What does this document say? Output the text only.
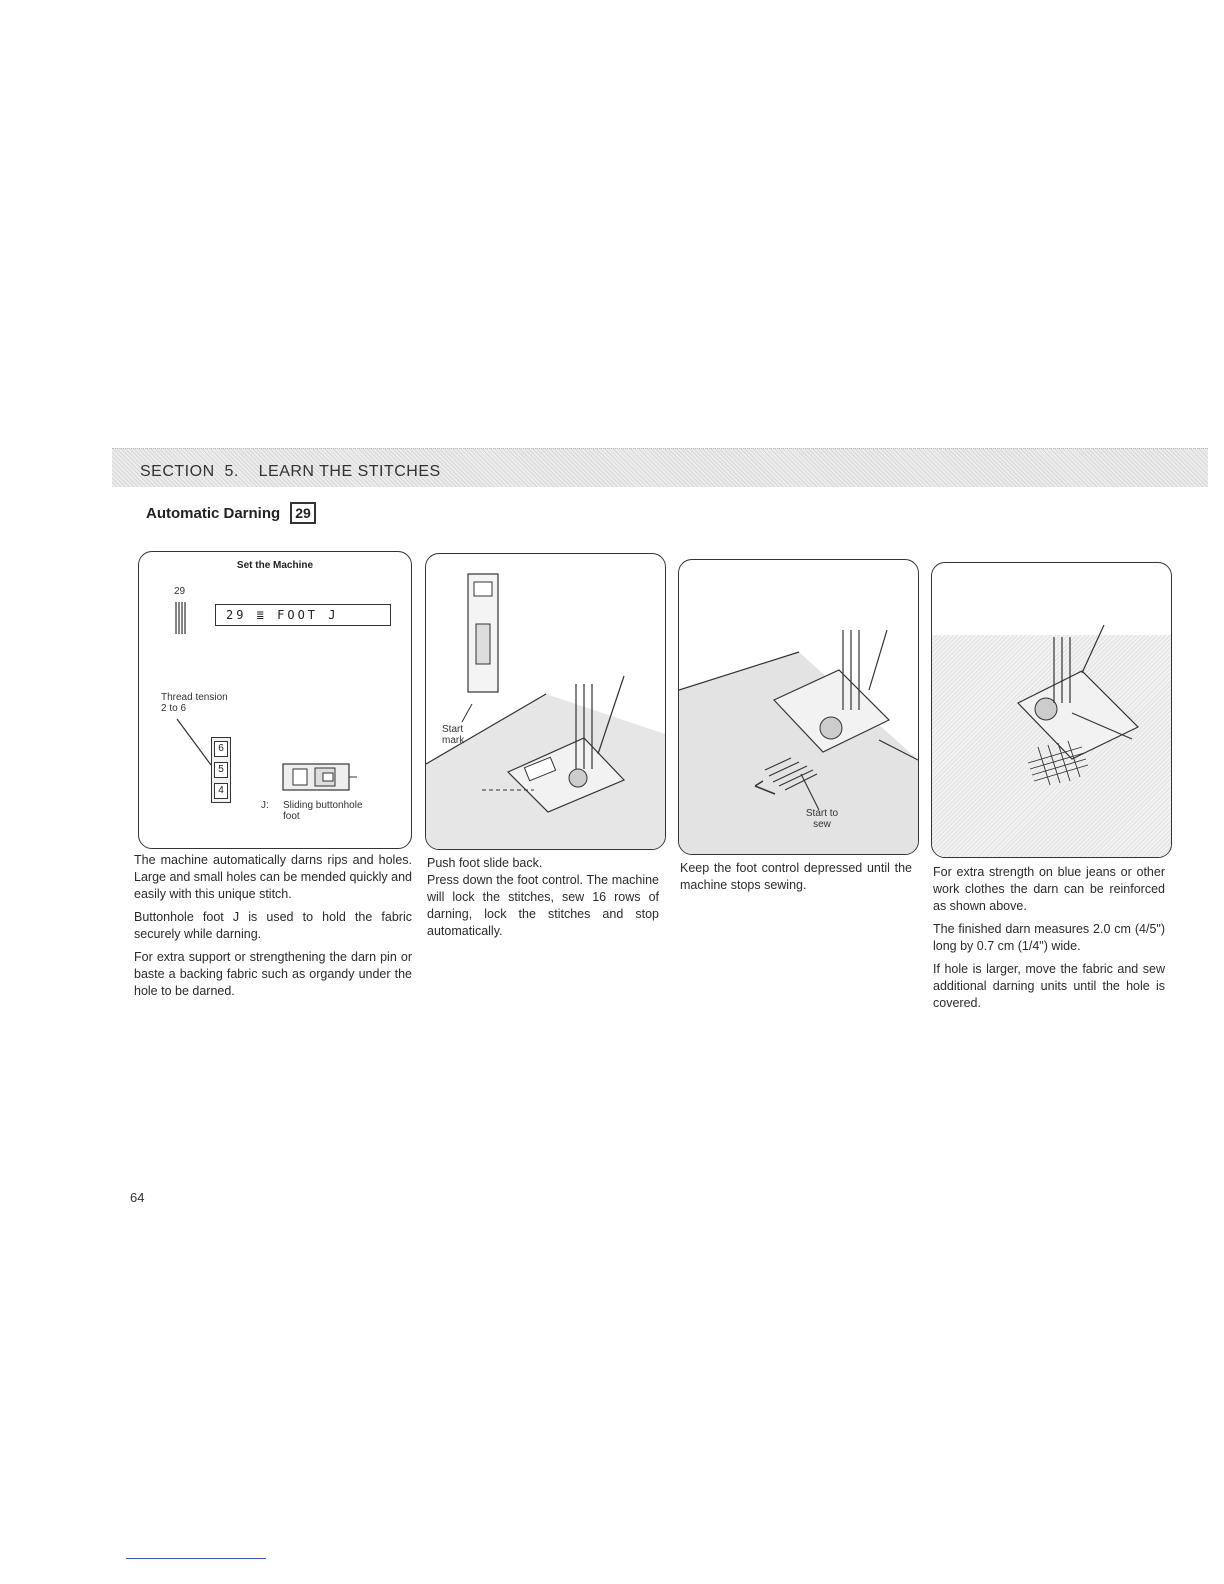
SECTION  5.    LEARN THE STITCHES
Automatic Darning	29
Set the Machine
29
29 ≣ FOOT J
Thread tension
2 to 6
6
5
4
J: Sliding buttonhole foot
Start mark
Start to sew

The machine automatically darns rips and holes. Large and small holes can be mended quickly and easily with this unique stitch.

Buttonhole foot J is used to hold the fabric securely while darning.

For extra support or strengthening the darn pin or baste a backing fabric such as organdy under the hole to be darned.

Push foot slide back.

Press down the foot control. The machine will lock the stitches, sew 16 rows of darning, lock the stitches and stop automatically.

Keep the foot control depressed until the machine stops sewing.

For extra strength on blue jeans or other work clothes the darn can be reinforced as shown above.

The finished darn measures 2.0 cm (4/5") long by 0.7 cm (1/4") wide.

If hole is larger, move the fabric and sew additional darning units until the hole is covered.

64
